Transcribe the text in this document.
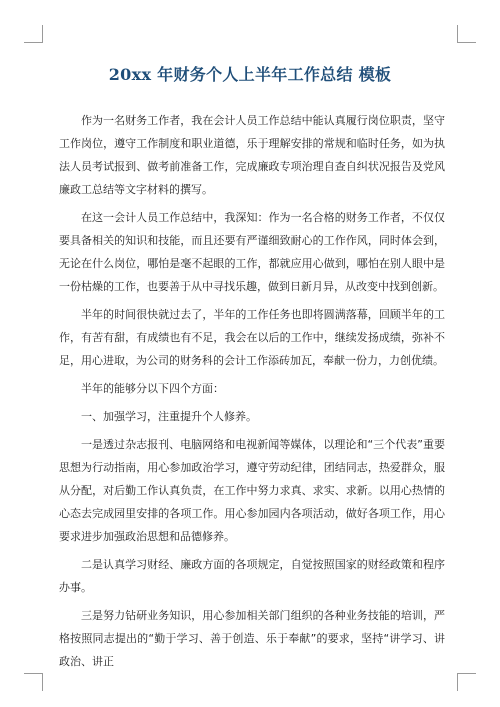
20xx 年财务个人上半年工作总结 模板

作为一名财务工作者，我在会计人员工作总结中能认真履行岗位职责，坚守工作岗位，遵守工作制度和职业道德，乐于理解安排的常规和临时任务，如为执法人员考试报到、做考前准备工作，完成廉政专项治理自查自纠状况报告及党风廉政工总结等文字材料的撰写。

在这一会计人员工作总结中，我深知：作为一名合格的财务工作者，不仅仅要具备相关的知识和技能，而且还要有严谨细致耐心的工作作风，同时体会到，无论在什么岗位，哪怕是毫不起眼的工作，都就应用心做到，哪怕在别人眼中是一份枯燥的工作，也要善于从中寻找乐趣，做到日新月异，从改变中找到创新。

半年的时间很快就过去了，半年的工作任务也即将圆满落幕，回顾半年的工作，有苦有甜，有成绩也有不足，我会在以后的工作中，继续发扬成绩，弥补不足，用心进取，为公司的财务科的会计工作添砖加瓦，奉献一份力，力创优绩。

半年的能够分以下四个方面：

一、加强学习，注重提升个人修养。

一是透过杂志报刊、电脑网络和电视新闻等媒体，以理论和“三个代表”重要思想为行动指南，用心参加政治学习，遵守劳动纪律，团结同志，热爱群众，服从分配，对后勤工作认真负责，在工作中努力求真、求实、求新。以用心热情的心态去完成园里安排的各项工作。用心参加园内各项活动，做好各项工作，用心要求进步加强政治思想和品德修养。

二是认真学习财经、廉政方面的各项规定，自觉按照国家的财经政策和程序办事。

三是努力钻研业务知识，用心参加相关部门组织的各种业务技能的培训，严格按照同志提出的“勤于学习、善于创造、乐于奉献”的要求，坚持“讲学习、讲政治、讲正
